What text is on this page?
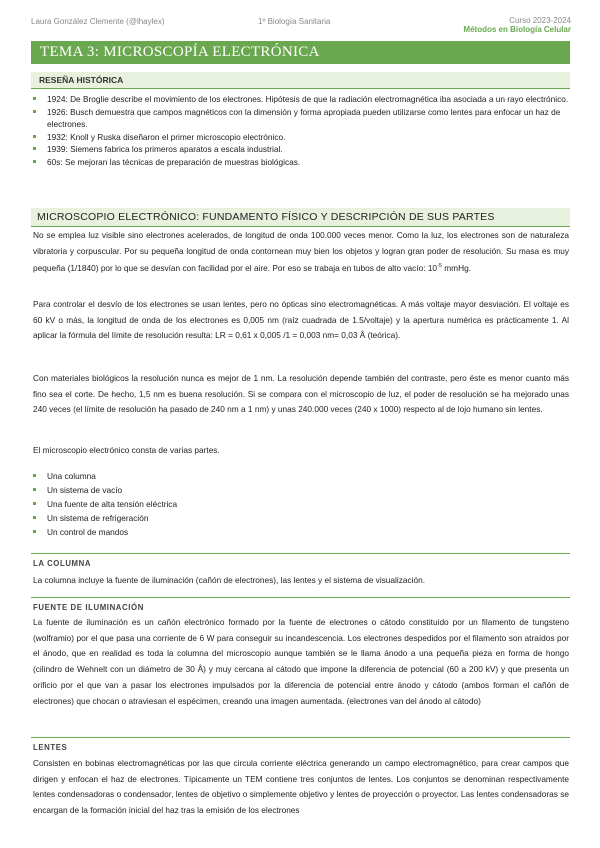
Laura González Clemente (@lhaylex)	1º Biología Sanitaria	Curso 2023-2024
Métodos en Biología Celular
TEMA 3: MICROSCOPÍA ELECTRÓNICA
RESEÑA HISTÓRICA
1924: De Broglie describe el movimiento de los electrones. Hipótesis de que la radiación electromagnética iba asociada a un rayo electrónico.
1926: Busch demuestra que campos magnéticos con la dimensión y forma apropiada pueden utilizarse como lentes para enfocar un haz de electrones.
1932: Knoll y Ruska diseñaron el primer microscopio electrónico.
1939: Siemens fabrica los primeros aparatos a escala industrial.
60s: Se mejoran las técnicas de preparación de muestras biológicas.
MICROSCOPIO ELECTRÓNICO: FUNDAMENTO FÍSICO Y DESCRIPCIÓN DE SUS PARTES

No se emplea luz visible sino electrones acelerados, de longitud de onda 100.000 veces menor. Como la luz, los electrones son de naturaleza vibratoria y corpuscular. Por su pequeña longitud de onda contornean muy bien los objetos y logran gran poder de resolución. Su masa es muy pequeña (1/1840) por lo que se desvían con facilidad por el aire. Por eso se trabaja en tubos de alto vacío: $10^{-5}$ mmHg.

Para controlar el desvío de los electrones se usan lentes, pero no ópticas sino electromagnéticas. A más voltaje mayor desviación. El voltaje es 60 kV o más, la longitud de onda de los electrones es 0,005 nm (raíz cuadrada de 1.5/voltaje) y la apertura numérica es prácticamente 1. Al aplicar la fórmula del límite de resolución resulta: LR = 0,61 x 0,005 /1 = 0,003 nm= 0,03 Å (teórica).

Con materiales biológicos la resolución nunca es mejor de 1 nm. La resolución depende también del contraste, pero éste es menor cuanto más fino sea el corte. De hecho, 1,5 nm es buena resolución. Si se compara con el microscopio de luz, el poder de resolución se ha mejorado unas 240 veces (el límite de resolución ha pasado de 240 nm a 1 nm) y unas 240.000 veces (240 x 1000) respecto al de lojo humano sin lentes.

El microscopio electrónico consta de varias partes.

Una columna
Un sistema de vacío
Una fuente de alta tensión eléctrica
Un sistema de refrigeración
Un control de mandos
LA COLUMNA

La columna incluye la fuente de iluminación (cañón de electrones), las lentes y el sistema de visualización.

FUENTE DE ILUMINACIÓN

La fuente de iluminación es un cañón electrónico formado por la fuente de electrones o cátodo constituido por un filamento de tungsteno (wolframio) por el que pasa una corriente de 6 W para conseguir su incandescencia. Los electrones despedidos por el filamento son atraídos por el ánodo, que en realidad es toda la columna del microscopio aunque también se le llama ánodo a una pequeña pieza en forma de hongo (cilindro de Wehnelt con un diámetro de 30 Å) y muy cercana al cátodo que impone la diferencia de potencial (60 a 200 kV) y que presenta un orificio por el que van a pasar los electrones impulsados por la diferencia de potencial entre ánodo y cátodo (ambos forman el cañón de electrones) que chocan o atraviesan el espécimen, creando una imagen aumentada. (electrones van del ánodo al cátodo)

LENTES

Consisten en bobinas electromagnéticas por las que circula corriente eléctrica generando un campo electromagnético, para crear campos que dirigen y enfocan el haz de electrones. Típicamente un TEM contiene tres conjuntos de lentes. Los conjuntos se denominan respectivamente lentes condensadoras o condensador, lentes de objetivo o simplemente objetivo y lentes de proyección o proyector. Las lentes condensadoras se encargan de la formación inicial del haz tras la emisión de los electrones
